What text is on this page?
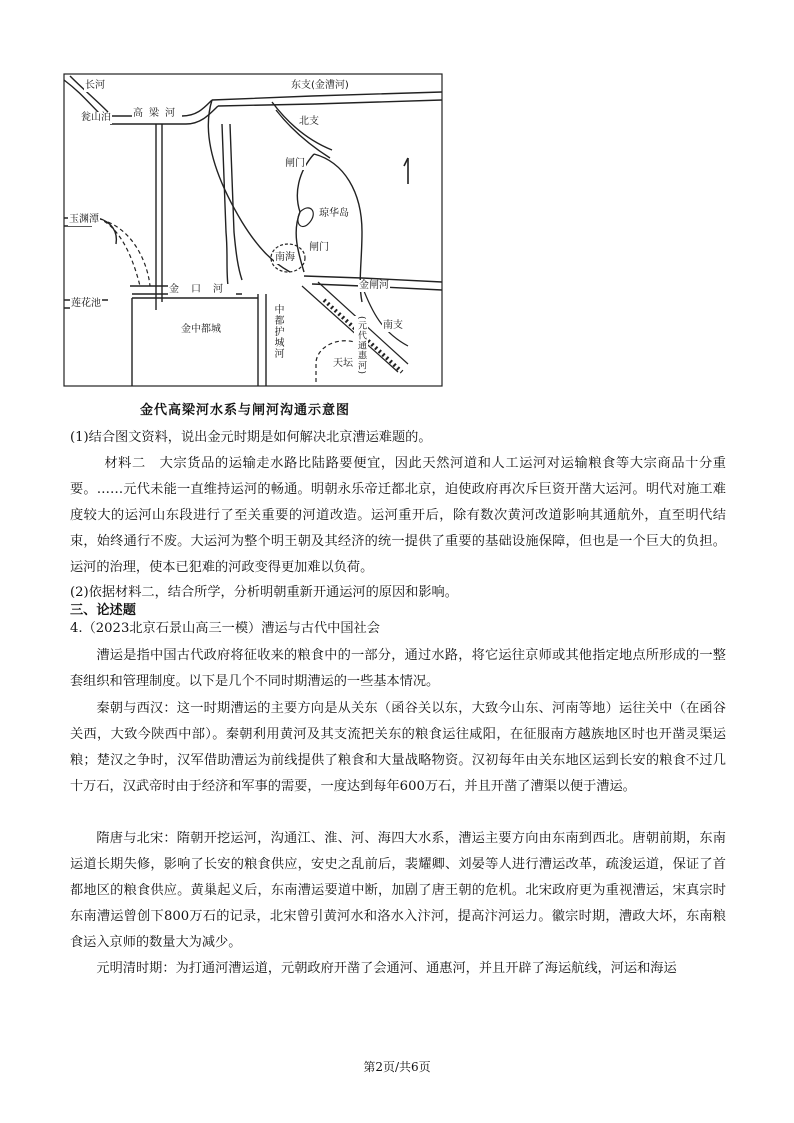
长河	东支(金漕河)
高梁河
瓮山泊	北支
闸门
琼华岛
玉渊潭
闸门
南海
金口河	金闸河
莲花池
中都护城河
金中都城	(元代通惠河) 南支
天坛
金代高梁河水系与闸河沟通示意图
(1)结合图文资料，说出金元时期是如何解决北京漕运难题的。
材料二　大宗货品的运输走水路比陆路要便宜，因此天然河道和人工运河对运输粮食等大宗商品十分重要。……元代未能一直维持运河的畅通。明朝永乐帝迁都北京，迫使政府再次斥巨资开凿大运河。明代对施工难度较大的运河山东段进行了至关重要的河道改造。运河重开后，除有数次黄河改道影响其通航外，直至明代结束，始终通行不废。大运河为整个明王朝及其经济的统一提供了重要的基础设施保障，但也是一个巨大的负担。运河的治理，使本已犯难的河政变得更加难以负荷。
(2)依据材料二，结合所学，分析明朝重新开通运河的原因和影响。
三、论述题
4.（2023北京石景山高三一模）漕运与古代中国社会
漕运是指中国古代政府将征收来的粮食中的一部分，通过水路，将它运往京师或其他指定地点所形成的一整套组织和管理制度。以下是几个不同时期漕运的一些基本情况。
秦朝与西汉：这一时期漕运的主要方向是从关东（函谷关以东，大致今山东、河南等地）运往关中（在函谷关西，大致今陕西中部）。秦朝利用黄河及其支流把关东的粮食运往咸阳，在征服南方越族地区时也开凿灵渠运粮；楚汉之争时，汉军借助漕运为前线提供了粮食和大量战略物资。汉初每年由关东地区运到长安的粮食不过几十万石，汉武帝时由于经济和军事的需要，一度达到每年600万石，并且开凿了漕渠以便于漕运。
隋唐与北宋：隋朝开挖运河，沟通江、淮、河、海四大水系，漕运主要方向由东南到西北。唐朝前期，东南运道长期失修，影响了长安的粮食供应，安史之乱前后，裴耀卿、刘晏等人进行漕运改革，疏浚运道，保证了首都地区的粮食供应。黄巢起义后，东南漕运要道中断，加剧了唐王朝的危机。北宋政府更为重视漕运，宋真宗时东南漕运曾创下800万石的记录，北宋曾引黄河水和洛水入汴河，提高汴河运力。徽宗时期，漕政大坏，东南粮食运入京师的数量大为减少。
元明清时期：为打通河漕运道，元朝政府开凿了会通河、通惠河，并且开辟了海运航线，河运和海运
第2页/共6页
